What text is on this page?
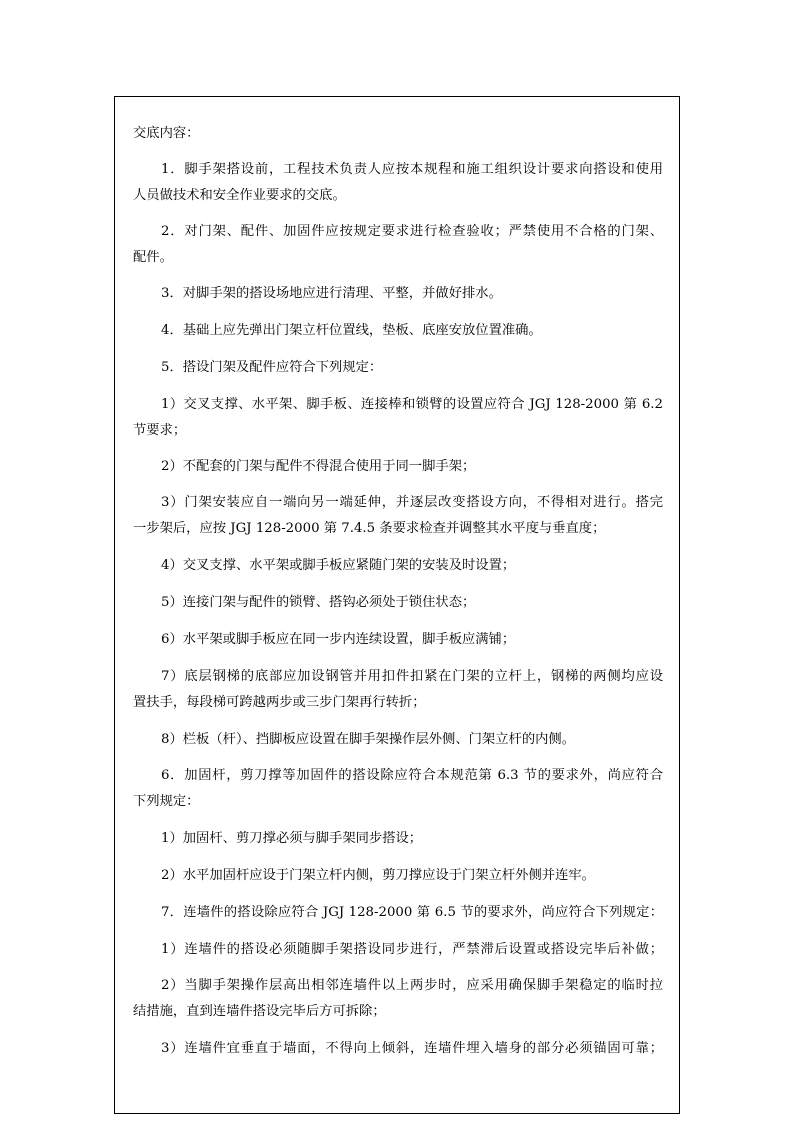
交底内容：
1．脚手架搭设前，工程技术负责人应按本规程和施工组织设计要求向搭设和使用
人员做技术和安全作业要求的交底。
2．对门架、配件、加固件应按规定要求进行检查验收；严禁使用不合格的门架、
配件。
3．对脚手架的搭设场地应进行清理、平整，并做好排水。
4．基础上应先弹出门架立杆位置线，垫板、底座安放位置准确。
5．搭设门架及配件应符合下列规定：
1）交叉支撑、水平架、脚手板、连接棒和锁臂的设置应符合 JGJ 128-2000 第 6.2
节要求；
2）不配套的门架与配件不得混合使用于同一脚手架；
3）门架安装应自一端向另一端延伸，并逐层改变搭设方向，不得相对进行。搭完
一步架后，应按 JGJ 128-2000 第 7.4.5 条要求检查并调整其水平度与垂直度；
4）交叉支撑、水平架或脚手板应紧随门架的安装及时设置；
5）连接门架与配件的锁臂、搭钩必须处于锁住状态；
6）水平架或脚手板应在同一步内连续设置，脚手板应满铺；
7）底层钢梯的底部应加设钢管并用扣件扣紧在门架的立杆上，钢梯的两侧均应设
置扶手，每段梯可跨越两步或三步门架再行转折；
8）栏板（杆）、挡脚板应设置在脚手架操作层外侧、门架立杆的内侧。
6．加固杆，剪刀撑等加固件的搭设除应符合本规范第 6.3 节的要求外，尚应符合
下列规定：
1）加固杆、剪刀撑必须与脚手架同步搭设；
2）水平加固杆应设于门架立杆内侧，剪刀撑应设于门架立杆外侧并连牢。
7．连墙件的搭设除应符合 JGJ 128-2000 第 6.5 节的要求外，尚应符合下列规定：
1）连墙件的搭设必须随脚手架搭设同步进行，严禁滞后设置或搭设完毕后补做；
2）当脚手架操作层高出相邻连墙件以上两步时，应采用确保脚手架稳定的临时拉
结措施，直到连墙件搭设完毕后方可拆除；
3）连墙件宜垂直于墙面，不得向上倾斜，连墙件埋入墙身的部分必须锚固可靠；
